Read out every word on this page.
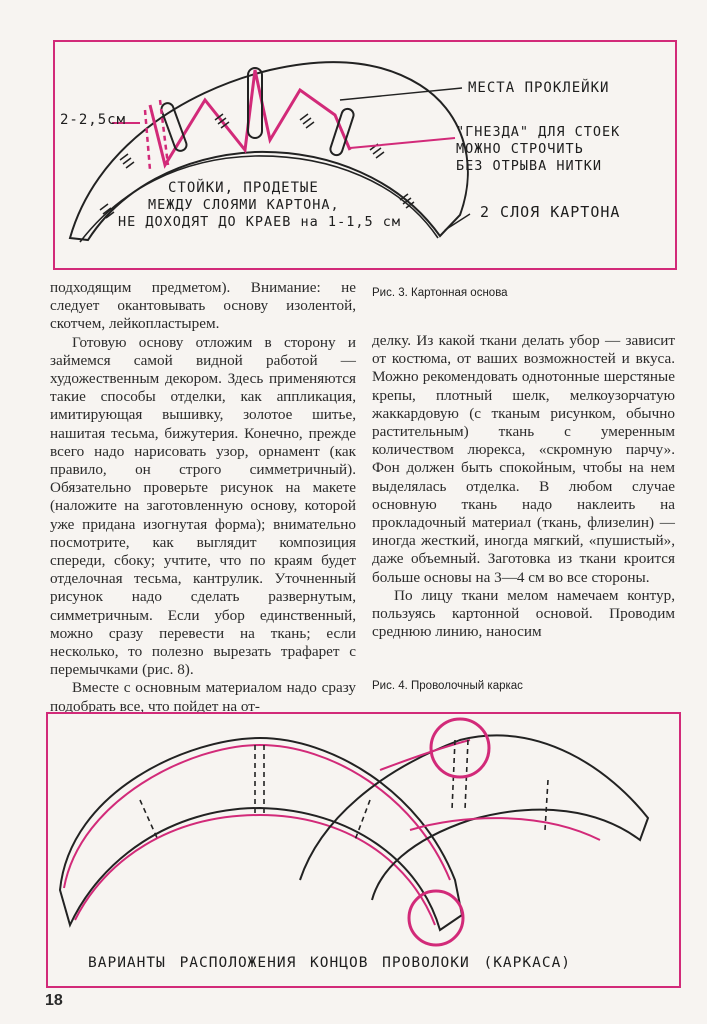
МЕСТА ПРОКЛЕЙКИ
"ГНЕЗДА" ДЛЯ СТОЕК
МОЖНО СТРОЧИТЬ
БЕЗ ОТРЫВА НИТКИ
2-2,5см
СТОЙКИ, ПРОДЕТЫЕ
МЕЖДУ СЛОЯМИ КАРТОНА,
НЕ ДОХОДЯТ ДО КРАЕВ на 1-1,5 см
2 СЛОЯ КАРТОНА
Рис. 3. Картонная основа

подходящим предметом). Внимание: не следует окантовывать основу изолентой, скотчем, лейкопластырем.

Готовую основу отложим в сторону и займемся самой видной работой — художественным декором. Здесь применяются такие способы отделки, как аппликация, имитирующая вышивку, золотое шитье, нашитая тесьма, бижутерия. Конечно, прежде всего надо нарисовать узор, орнамент (как правило, он строго симметричный). Обязательно проверьте рисунок на макете (наложите на заготовленную основу, которой уже придана изогнутая форма); внимательно посмотрите, как выглядит композиция спереди, сбоку; учтите, что по краям будет отделочная тесьма, кантрулик. Уточненный рисунок надо сделать развернутым, симметричным. Если убор единственный, можно сразу перевести на ткань; если несколько, то полезно вырезать трафарет с перемычками (рис. 8).

Вместе с основным материалом надо сразу подобрать все, что пойдет на от-

делку. Из какой ткани делать убор — зависит от костюма, от ваших возможностей и вкуса. Можно рекомендовать однотонные шерстяные крепы, плотный шелк, мелкоузорчатую жаккардовую (с тканым рисунком, обычно растительным) ткань с умеренным количеством люрекса, «скромную парчу». Фон должен быть спокойным, чтобы на нем выделялась отделка. В любом случае основную ткань надо наклеить на прокладочный материал (ткань, флизелин) — иногда жесткий, иногда мягкий, «пушистый», даже объемный. Заготовка из ткани кроится больше основы на 3—4 см во все стороны.

По лицу ткани мелом намечаем контур, пользуясь картонной основой. Проводим среднюю линию, наносим

Рис. 4. Проволочный каркас
ВАРИАНТЫ РАСПОЛОЖЕНИЯ КОНЦОВ ПРОВОЛОКИ (КАРКАСА)
18
